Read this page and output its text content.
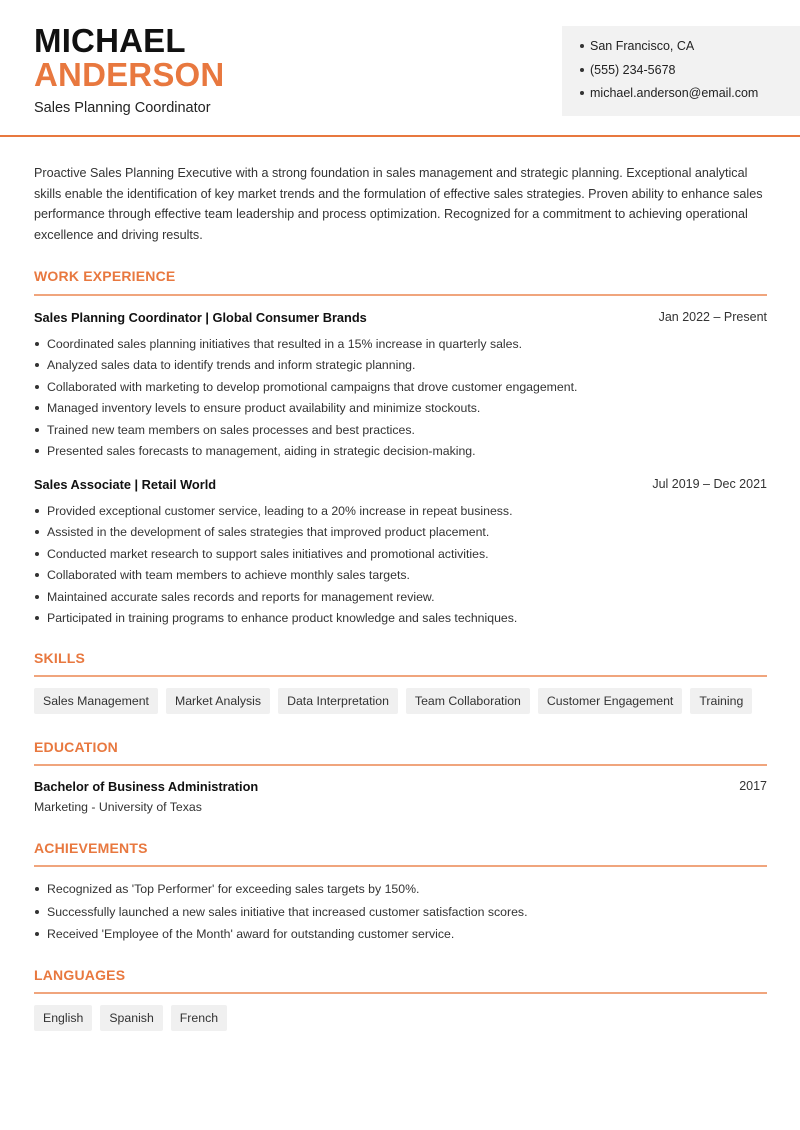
MICHAEL
ANDERSON
Sales Planning Coordinator
San Francisco, CA
(555) 234-5678
michael.anderson@email.com

Proactive Sales Planning Executive with a strong foundation in sales management and strategic planning. Exceptional analytical skills enable the identification of key market trends and the formulation of effective sales strategies. Proven ability to enhance sales performance through effective team leadership and process optimization. Recognized for a commitment to achieving operational excellence and driving results.

WORK EXPERIENCE
Sales Planning Coordinator | Global Consumer Brands	Jan 2022 – Present
Coordinated sales planning initiatives that resulted in a 15% increase in quarterly sales.
Analyzed sales data to identify trends and inform strategic planning.
Collaborated with marketing to develop promotional campaigns that drove customer engagement.
Managed inventory levels to ensure product availability and minimize stockouts.
Trained new team members on sales processes and best practices.
Presented sales forecasts to management, aiding in strategic decision-making.
Sales Associate | Retail World	Jul 2019 – Dec 2021
Provided exceptional customer service, leading to a 20% increase in repeat business.
Assisted in the development of sales strategies that improved product placement.
Conducted market research to support sales initiatives and promotional activities.
Collaborated with team members to achieve monthly sales targets.
Maintained accurate sales records and reports for management review.
Participated in training programs to enhance product knowledge and sales techniques.
SKILLS
Sales Management	Market Analysis	Data Interpretation	Team Collaboration	Customer Engagement	Training
EDUCATION
Bachelor of Business Administration	2017
Marketing - University of Texas
ACHIEVEMENTS
Recognized as 'Top Performer' for exceeding sales targets by 150%.
Successfully launched a new sales initiative that increased customer satisfaction scores.
Received 'Employee of the Month' award for outstanding customer service.
LANGUAGES
English	Spanish	French
